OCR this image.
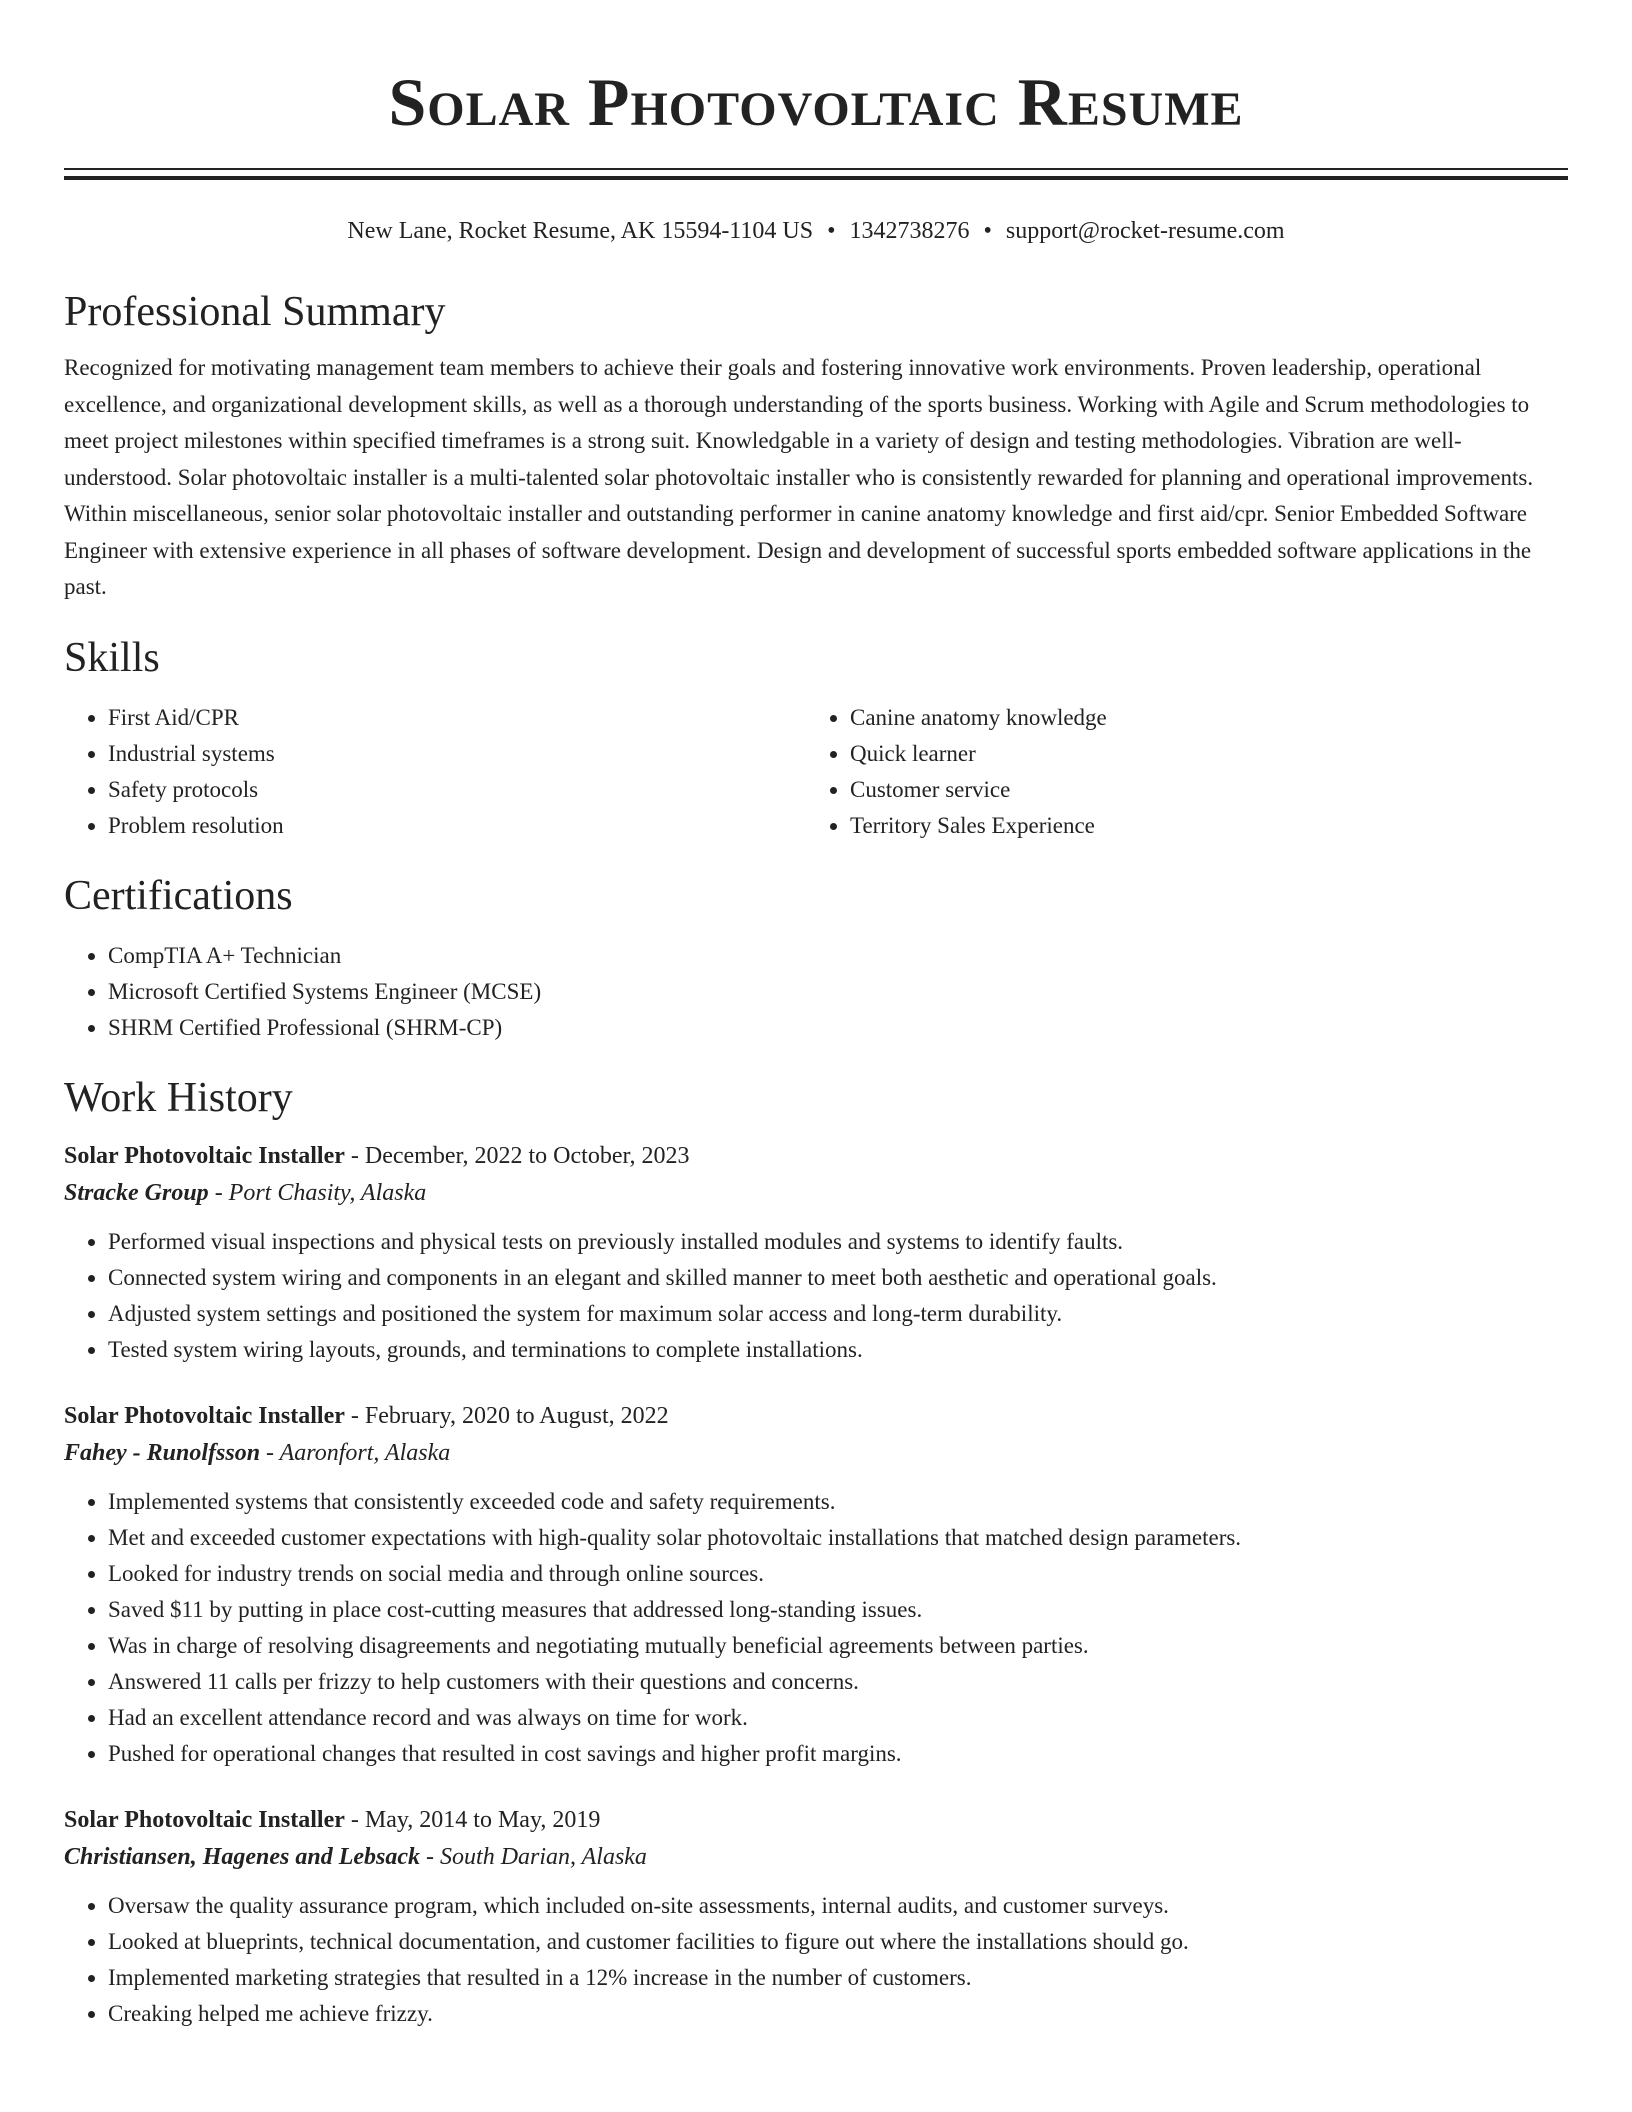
Solar Photovoltaic Resume
New Lane, Rocket Resume, AK 15594-1104 US • 1342738276 • support@rocket-resume.com
Professional Summary
Recognized for motivating management team members to achieve their goals and fostering innovative work environments. Proven leadership, operational excellence, and organizational development skills, as well as a thorough understanding of the sports business. Working with Agile and Scrum methodologies to meet project milestones within specified timeframes is a strong suit. Knowledgable in a variety of design and testing methodologies. Vibration are well-understood. Solar photovoltaic installer is a multi-talented solar photovoltaic installer who is consistently rewarded for planning and operational improvements. Within miscellaneous, senior solar photovoltaic installer and outstanding performer in canine anatomy knowledge and first aid/cpr. Senior Embedded Software Engineer with extensive experience in all phases of software development. Design and development of successful sports embedded software applications in the past.
Skills
• First Aid/CPR
• Industrial systems
• Safety protocols
• Problem resolution
• Canine anatomy knowledge
• Quick learner
• Customer service
• Territory Sales Experience
Certifications
• CompTIA A+ Technician
• Microsoft Certified Systems Engineer (MCSE)
• SHRM Certified Professional (SHRM-CP)
Work History
Solar Photovoltaic Installer - December, 2022 to October, 2023
Stracke Group - Port Chasity, Alaska
• Performed visual inspections and physical tests on previously installed modules and systems to identify faults.
• Connected system wiring and components in an elegant and skilled manner to meet both aesthetic and operational goals.
• Adjusted system settings and positioned the system for maximum solar access and long-term durability.
• Tested system wiring layouts, grounds, and terminations to complete installations.
Solar Photovoltaic Installer - February, 2020 to August, 2022
Fahey - Runolfsson - Aaronfort, Alaska
• Implemented systems that consistently exceeded code and safety requirements.
• Met and exceeded customer expectations with high-quality solar photovoltaic installations that matched design parameters.
• Looked for industry trends on social media and through online sources.
• Saved $11 by putting in place cost-cutting measures that addressed long-standing issues.
• Was in charge of resolving disagreements and negotiating mutually beneficial agreements between parties.
• Answered 11 calls per frizzy to help customers with their questions and concerns.
• Had an excellent attendance record and was always on time for work.
• Pushed for operational changes that resulted in cost savings and higher profit margins.
Solar Photovoltaic Installer - May, 2014 to May, 2019
Christiansen, Hagenes and Lebsack - South Darian, Alaska
• Oversaw the quality assurance program, which included on-site assessments, internal audits, and customer surveys.
• Looked at blueprints, technical documentation, and customer facilities to figure out where the installations should go.
• Implemented marketing strategies that resulted in a 12% increase in the number of customers.
• Creaking helped me achieve frizzy.
